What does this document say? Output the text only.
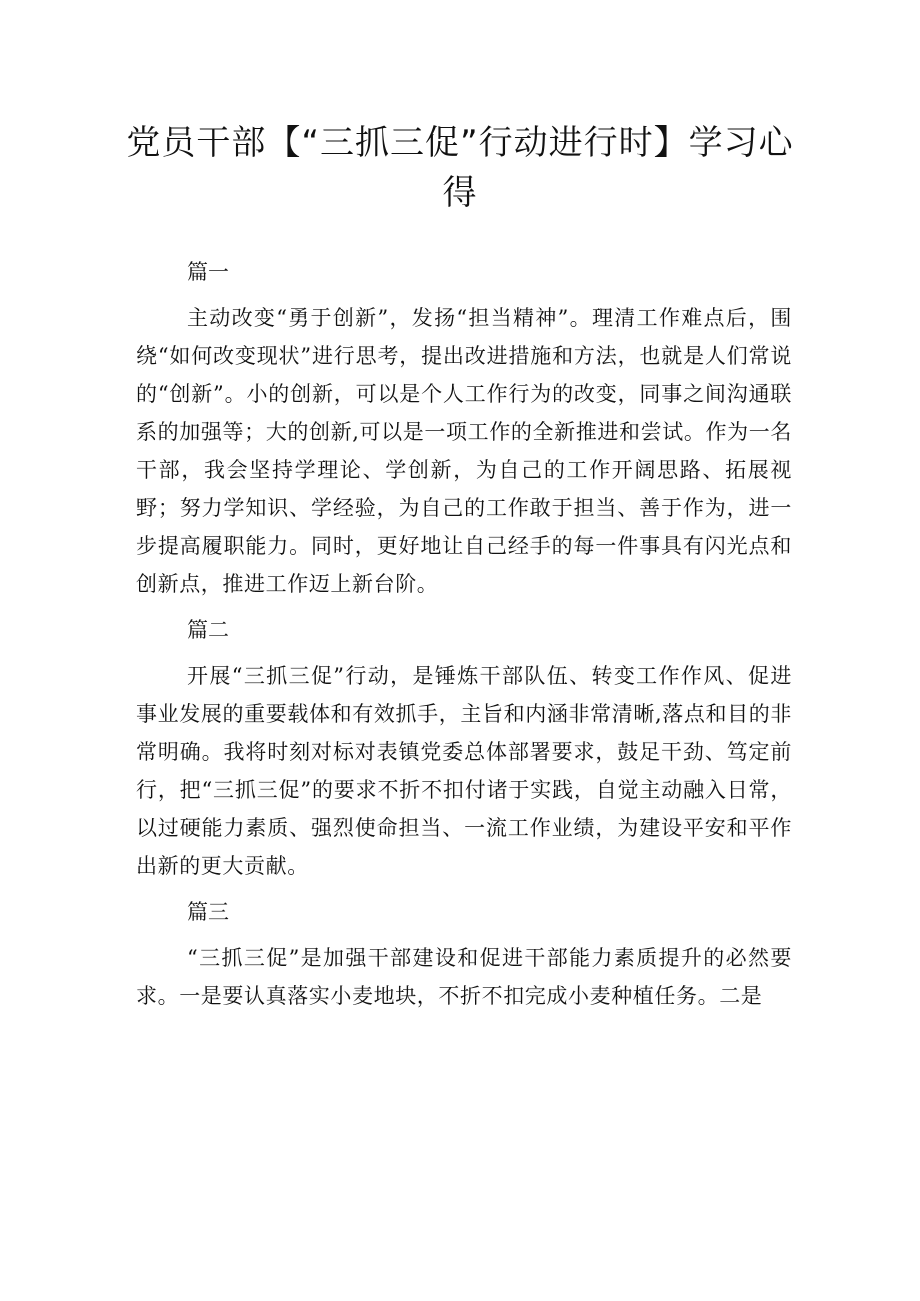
党员干部【“三抓三促”行动进行时】学习心得
篇一

主动改变“勇于创新”，发扬“担当精神”。理清工作难点后，围绕“如何改变现状”进行思考，提出改进措施和方法，也就是人们常说的“创新”。小的创新，可以是个人工作行为的改变，同事之间沟通联系的加强等；大的创新,可以是一项工作的全新推进和尝试。作为一名干部，我会坚持学理论、学创新，为自己的工作开阔思路、拓展视野；努力学知识、学经验，为自己的工作敢于担当、善于作为，进一步提高履职能力。同时，更好地让自己经手的每一件事具有闪光点和创新点，推进工作迈上新台阶。

篇二

开展“三抓三促”行动，是锤炼干部队伍、转变工作作风、促进事业发展的重要载体和有效抓手，主旨和内涵非常清晰,落点和目的非常明确。我将时刻对标对表镇党委总体部署要求，鼓足干劲、笃定前行，把“三抓三促”的要求不折不扣付诸于实践，自觉主动融入日常，以过硬能力素质、强烈使命担当、一流工作业绩，为建设平安和平作出新的更大贡献。

篇三

“三抓三促”是加强干部建设和促进干部能力素质提升的必然要求。一是要认真落实小麦地块，不折不扣完成小麦种植任务。二是
